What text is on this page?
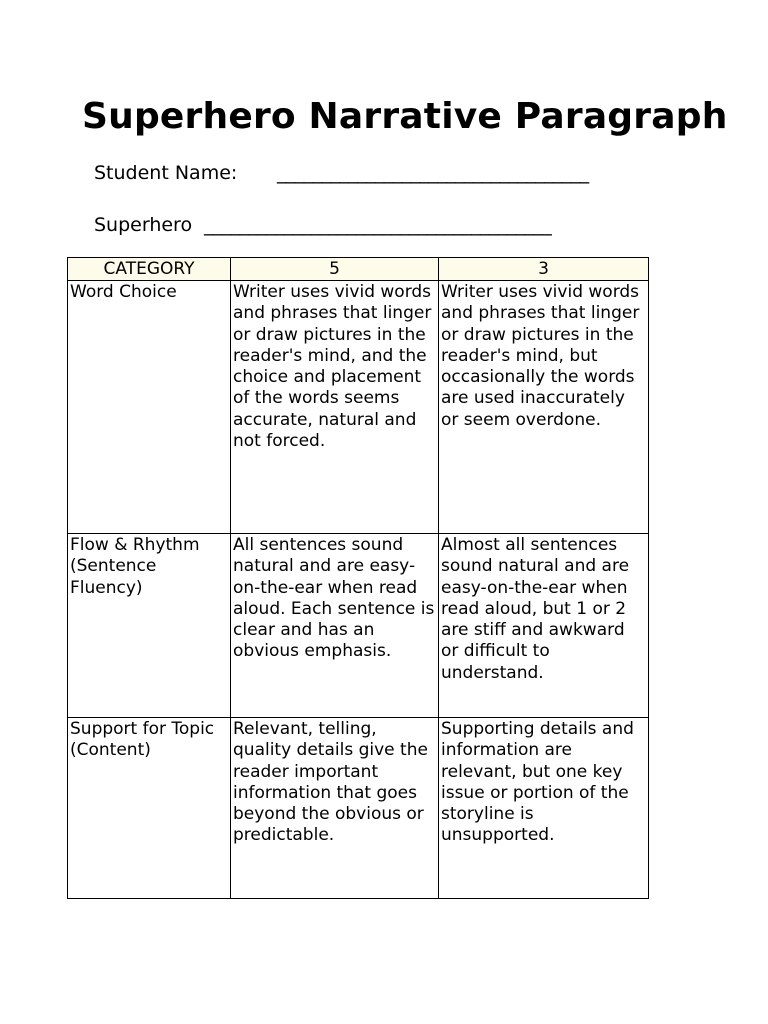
Superhero Narrative Paragraph
Student Name: ___________________________________
Superhero _______________________________________
CATEGORY	5	3
Word Choice	Writer uses vivid words and phrases that linger or draw pictures in the reader's mind, and the choice and placement of the words seems accurate, natural and not forced.	Writer uses vivid words and phrases that linger or draw pictures in the reader's mind, but occasionally the words are used inaccurately or seem overdone.
Flow & Rhythm (Sentence Fluency)	All sentences sound natural and are easy-on-the-ear when read aloud. Each sentence is clear and has an obvious emphasis.	Almost all sentences sound natural and are easy-on-the-ear when read aloud, but 1 or 2 are stiff and awkward or difficult to understand.
Support for Topic (Content)	Relevant, telling, quality details give the reader important information that goes beyond the obvious or predictable.	Supporting details and information are relevant, but one key issue or portion of the storyline is unsupported.
